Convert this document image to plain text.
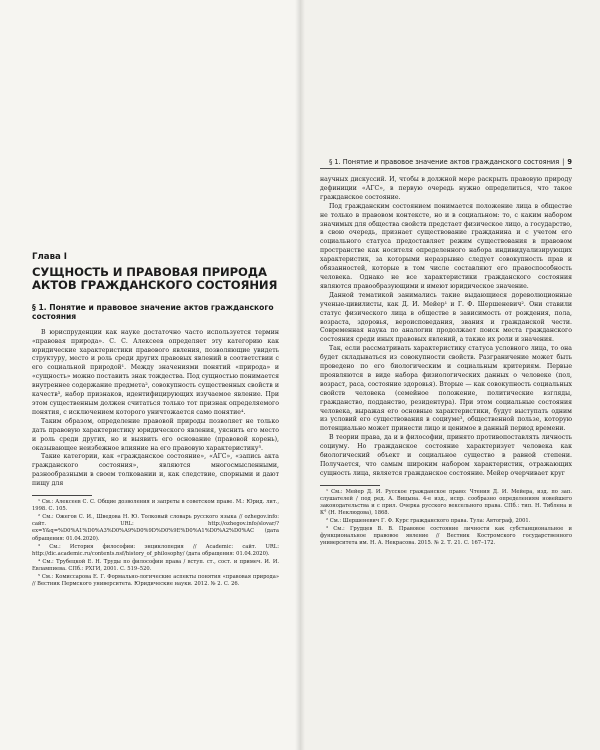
§ 1. Понятие и правовое значение актов гражданского состояния | 9
Глава I
СУЩНОСТЬ И ПРАВОВАЯ ПРИРОДА АКТОВ ГРАЖДАНСКОГО СОСТОЯНИЯ
§ 1. Понятие и правовое значение актов гражданского состояния

В юриспруденции как науке достаточно часто используется термин «правовая природа». С. С. Алексеев определяет эту категорию как юридические характеристики правового явления, позволяющие увидеть структуру, место и роль среди других правовых явлений в соответствии с его социальной природой¹. Между значениями понятий «природа» и «сущность» можно поставить знак тождества. Под сущностью понимается внутреннее содержание предмета², совокупность существенных свойств и качеств³, набор признаков, идентифицирующих изучаемое явление. При этом существенным должен считаться только тот признак определяемого понятия, с исключением которого уничтожается само понятие⁴.

Таким образом, определение правовой природы позволяет не только дать правовую характеристику юридического явления, уяснить его место и роль среди других, но и выявить его основание (правовой корень), оказывающее неизбежное влияние на его правовую характеристику⁵.

Такие категории, как «гражданское состояние», «АГС», «запись акта гражданского состояния», являются многосмысленными, разнообразными в своем толковании и, как следствие, спорными и дают пищу для

¹ См.: Алексеев С. С. Общие дозволения и запреты в советском праве. М.: Юрид. лит., 1998. С. 105.

² См.: Ожегов С. И., Шведова Н. Ю. Толковый словарь русского языка // ozhegov.info: сайт. URL: http://ozhegov.info/slovar/?ex=Y&q=%D0%A1%D0%A3%D0%A9%D0%9D%D0%9E%D0%A1%D0%A2%D0%AC (дата обращения: 01.04.2020).

³ См.: История философии: энциклопедия // Academic: сайт. URL: http://dic.academic.ru/contents.nsf/history_of_philosophy/ (дата обращения: 01.04.2020).

⁴ См.: Трубецкой Е. Н. Труды по философии права / вступ. ст., сост. и примеч. И. И. Евлампиева. СПб.: РХГИ, 2001. С. 519–520.

⁵ См.: Комиссарова Е. Г. Формально-логические аспекты понятия «правовая природа» // Вестник Пермского университета. Юридические науки. 2012. № 2. С. 26.

научных дискуссий. И, чтобы в должной мере раскрыть правовую природу дефиниции «АГС», в первую очередь нужно определиться, что такое гражданское состояние.

Под гражданским состоянием понимается положение лица в обществе не только в правовом контексте, но и в социальном: то, с каким набором значимых для общества свойств предстает физическое лицо, а государство, в свою очередь, признает существование гражданина и с учетом его социального статуса предоставляет режим существования в правовом пространстве как носителя определенного набора индивидуализирующих характеристик, за которыми неразрывно следует совокупность прав и обязанностей, которые в том числе составляют его правоспособность человека. Однако не все характеристики гражданского состояния являются правообразующими и имеют юридическое значение.

Данной тематикой занимались такие выдающиеся дореволюционные ученые-цивилисты, как Д. И. Мейер¹ и Г. Ф. Шершеневич². Они ставили статус физического лица в обществе в зависимость от рождения, пола, возраста, здоровья, вероисповедания, звания и гражданской чести. Современная наука по аналогии продолжает поиск места гражданского состояния среди иных правовых явлений, а также их роли и значения.

Так, если рассматривать характеристику статуса условного лица, то она будет складываться из совокупности свойств. Разграничение может быть проведено по его биологическим и социальным критериям. Первые проявляются в виде набора физиологических данных о человеке (пол, возраст, раса, состояние здоровья). Вторые — как совокупность социальных свойств человека (семейное положение, политические взгляды, гражданство, подданство, резидентура). При этом социальные состояния человека, выражая его основные характеристики, будут выступать одним из условий его существования в социуме³, общественной пользе, которую потенциально может принести лицо и ценимое в данный период времени.

В теории права, да и в философии, принято противопоставлять личность социуму. Но гражданское состояние характеризует человека как биологический объект и социальное существо в равной степени. Получается, что самым широким набором характеристик, отражающих сущность лица, является гражданское состояние. Мейер очерчивает круг

¹ См.: Мейер Д. И. Русское гражданское право: Чтения Д. И. Мейера, изд. по зап. слушателей / под ред. А. Вицына. 4-е изд., испр. сообразно определениям новейшего законодательства и с прил. Очерка русского вексельного права. СПб.: тип. Н. Тиблена и К° (Н. Неклюдова), 1868.

² См.: Шершеневич Г. Ф. Курс гражданского права. Тула: Автограф, 2001.

³ См.: Грудцев В. В. Правовое состояние личности как субстанциональное и функциональное правовое явление // Вестник Костромского государственного университета им. Н. А. Некрасова. 2015. № 2. Т. 21. С. 167–172.
